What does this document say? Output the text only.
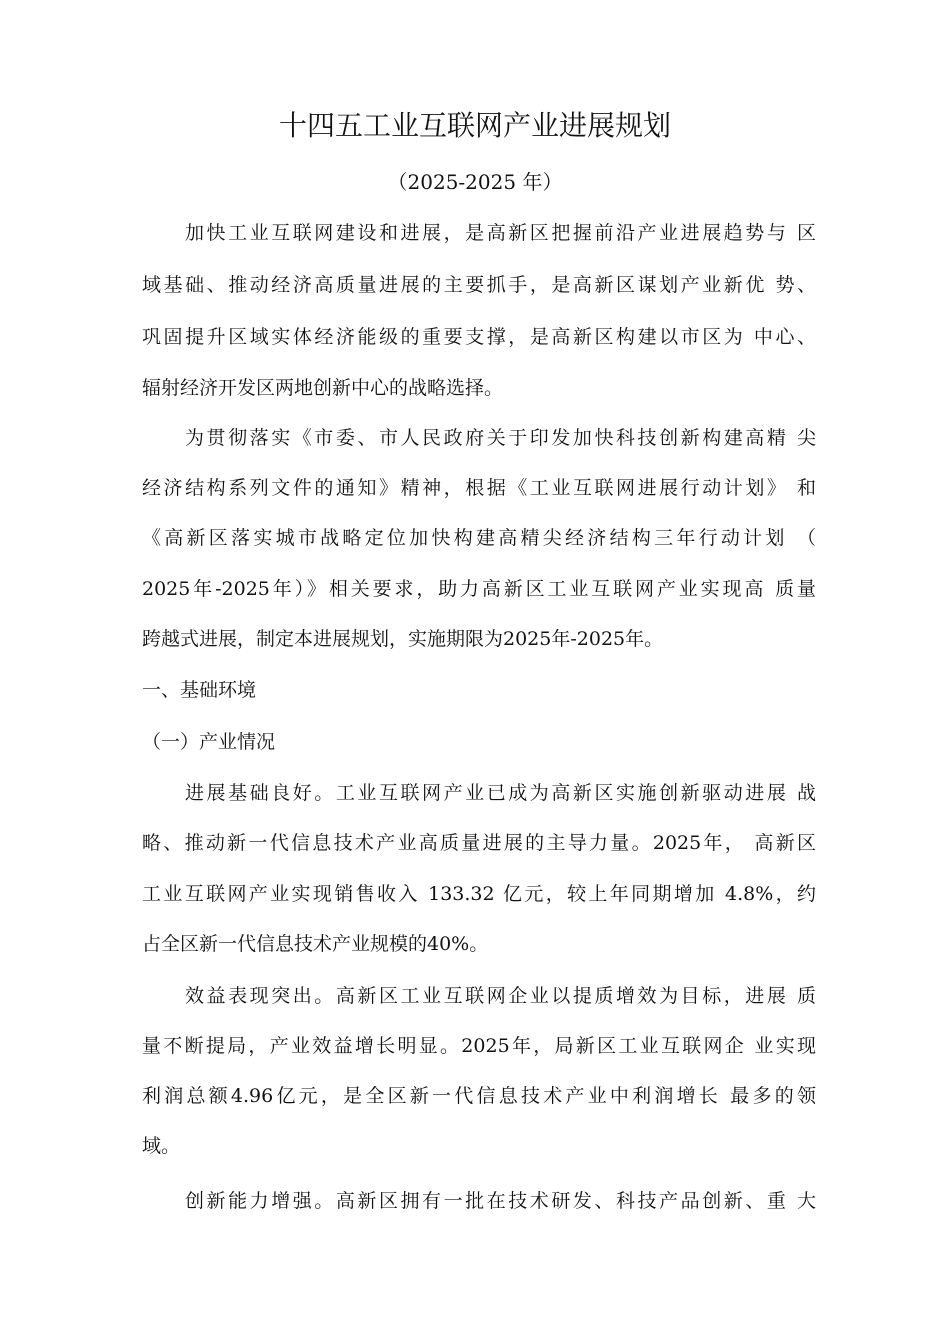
十四五工业互联网产业进展规划
（2025-2025 年）
加快工业互联网建设和进展，是高新区把握前沿产业进展趋势与 区
域基础、推动经济高质量进展的主要抓手，是高新区谋划产业新优 势、
巩固提升区域实体经济能级的重要支撑，是高新区构建以市区为 中心、
辐射经济开发区两地创新中心的战略选择。
为贯彻落实《市委、市人民政府关于印发加快科技创新构建高精 尖
经济结构系列文件的通知》精神，根据《工业互联网进展行动计划》 和
《高新区落实城市战略定位加快构建高精尖经济结构三年行动计划 （
2025年-2025年）》相关要求，助力高新区工业互联网产业实现高 质量
跨越式进展，制定本进展规划，实施期限为2025年-2025年。
一、基础环境
（一）产业情况
进展基础良好。工业互联网产业已成为高新区实施创新驱动进展 战
略、推动新一代信息技术产业高质量进展的主导力量。2025年， 高新区
工业互联网产业实现销售收入 133.32 亿元，较上年同期增加 4.8%，约
占全区新一代信息技术产业规模的40%。
效益表现突出。高新区工业互联网企业以提质增效为目标，进展 质
量不断提局，产业效益增长明显。2025年，局新区工业互联网企 业实现
利润总额4.96亿元，是全区新一代信息技术产业中利润增长 最多的领
域。
创新能力增强。高新区拥有一批在技术研发、科技产品创新、重 大
